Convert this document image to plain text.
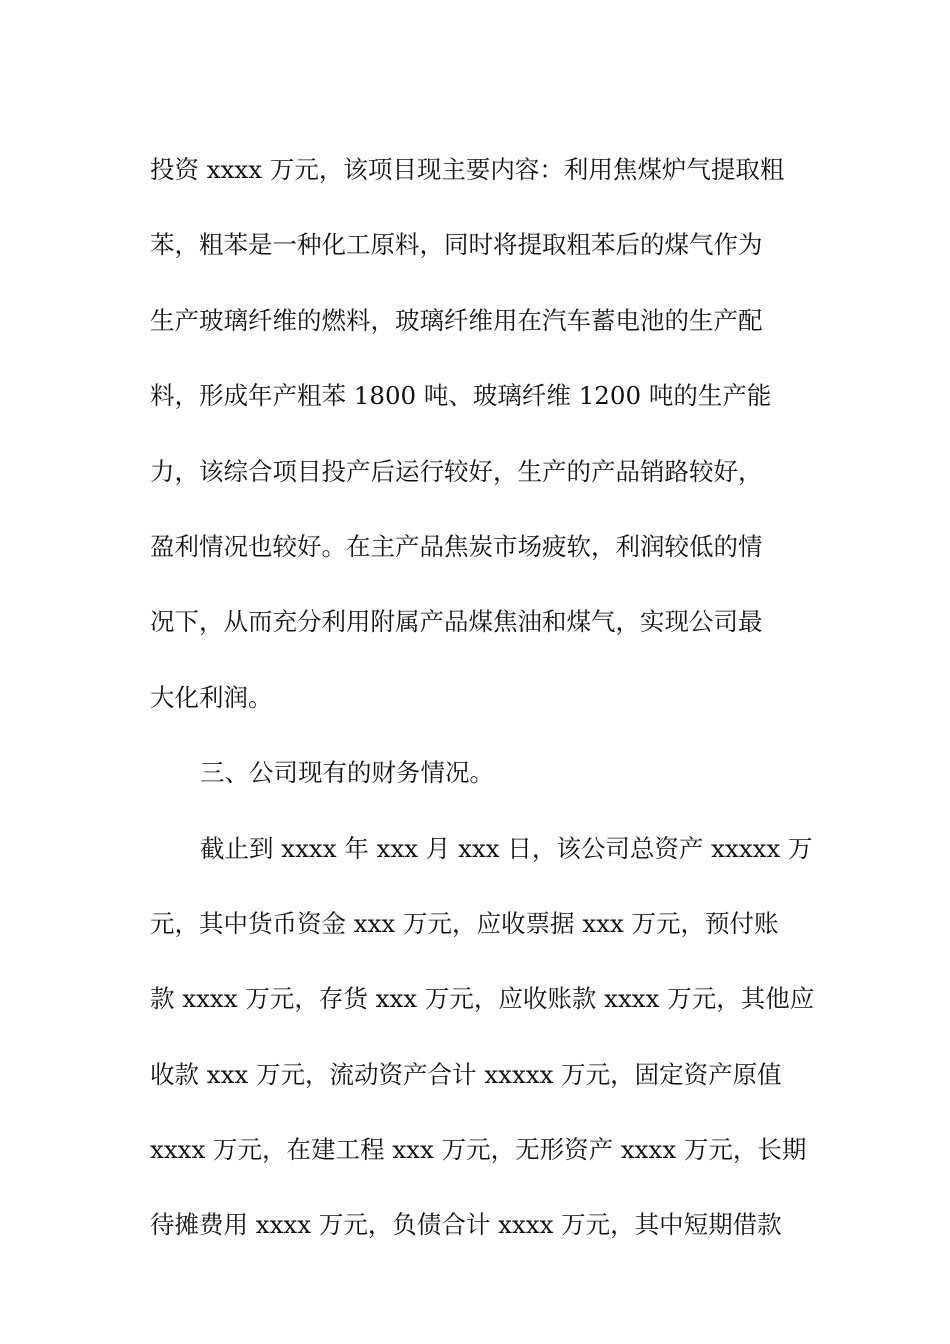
投资 xxxx 万元，该项目现主要内容：利用焦煤炉气提取粗
苯，粗苯是一种化工原料，同时将提取粗苯后的煤气作为
生产玻璃纤维的燃料，玻璃纤维用在汽车蓄电池的生产配
料，形成年产粗苯 1800 吨、玻璃纤维 1200 吨的生产能
力，该综合项目投产后运行较好，生产的产品销路较好，
盈利情况也较好。在主产品焦炭市场疲软，利润较低的情
况下，从而充分利用附属产品煤焦油和煤气，实现公司最
大化利润。
三、公司现有的财务情况。
截止到 xxxx 年 xxx 月 xxx 日，该公司总资产 xxxxx 万
元，其中货币资金 xxx 万元，应收票据 xxx 万元，预付账
款 xxxx 万元，存货 xxx 万元，应收账款 xxxx 万元，其他应
收款 xxx 万元，流动资产合计 xxxxx 万元，固定资产原值
xxxx 万元，在建工程 xxx 万元，无形资产 xxxx 万元，长期
待摊费用 xxxx 万元，负债合计 xxxx 万元，其中短期借款
